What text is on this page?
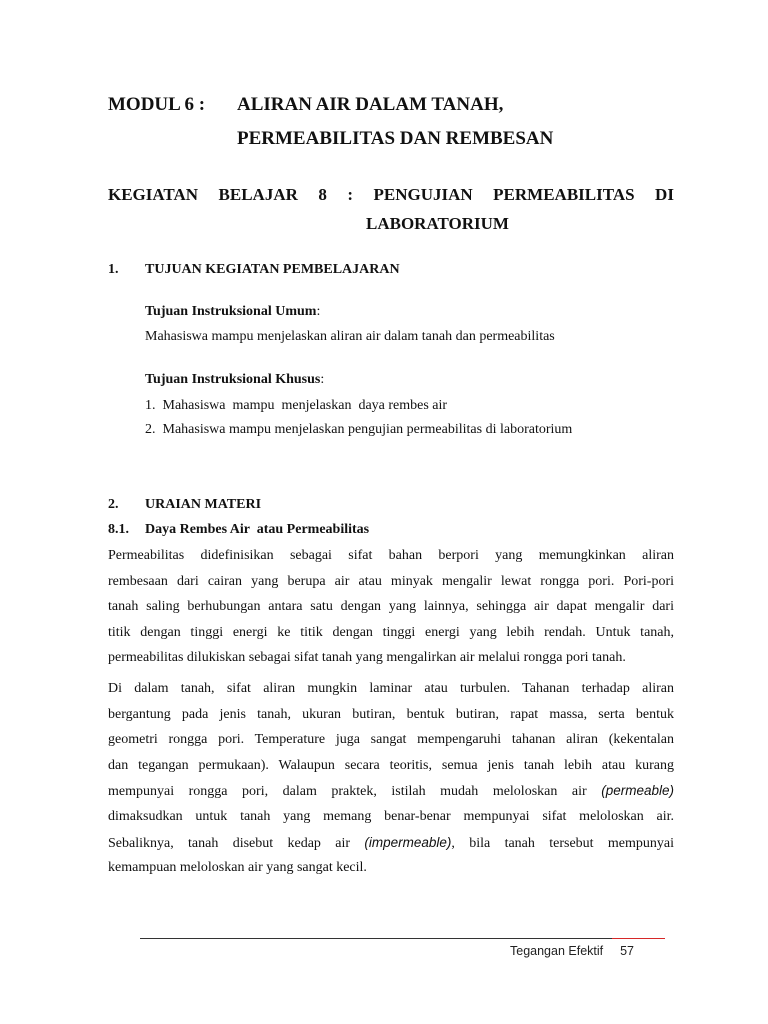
MODUL 6 : ALIRAN AIR DALAM TANAH,
PERMEABILITAS DAN REMBESAN
KEGIATAN BELAJAR 8 : PENGUJIAN PERMEABILITAS DI
LABORATORIUM
1. TUJUAN KEGIATAN PEMBELAJARAN
Tujuan Instruksional Umum:
Mahasiswa mampu menjelaskan aliran air dalam tanah dan permeabilitas
Tujuan Instruksional Khusus:
1.  Mahasiswa  mampu  menjelaskan  daya rembes air
2.  Mahasiswa mampu menjelaskan pengujian permeabilitas di laboratorium
2. URAIAN MATERI
8.1. Daya Rembes Air  atau Permeabilitas
Permeabilitas didefinisikan sebagai sifat bahan berpori yang memungkinkan aliran
rembesaan dari cairan yang berupa air atau minyak mengalir lewat rongga pori. Pori-pori
tanah saling berhubungan antara satu dengan yang lainnya, sehingga air dapat mengalir dari
titik dengan tinggi energi ke titik dengan tinggi energi yang lebih rendah. Untuk tanah,
permeabilitas dilukiskan sebagai sifat tanah yang mengalirkan air melalui rongga pori tanah.
Di dalam tanah, sifat aliran mungkin laminar atau turbulen. Tahanan terhadap aliran
bergantung pada jenis tanah, ukuran butiran, bentuk butiran, rapat massa, serta bentuk
geometri rongga pori. Temperature juga sangat mempengaruhi tahanan aliran (kekentalan
dan tegangan permukaan). Walaupun secara teoritis, semua jenis tanah lebih atau kurang
mempunyai rongga pori, dalam praktek, istilah mudah meloloskan air (permeable)
dimaksudkan untuk tanah yang memang benar-benar mempunyai sifat meloloskan air.
Sebaliknya, tanah disebut kedap air (impermeable), bila tanah tersebut mempunyai
kemampuan meloloskan air yang sangat kecil.
Tegangan Efektif 57
